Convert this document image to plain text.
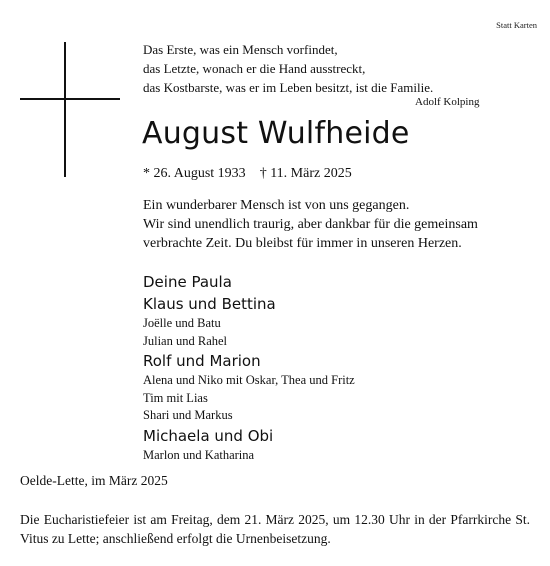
Statt Karten
Das Erste, was ein Mensch vorfindet,
das Letzte, wonach er die Hand ausstreckt,
das Kostbarste, was er im Leben besitzt, ist die Familie.
Adolf Kolping
August Wulfheide
* 26. August 1933 † 11. März 2025
Ein wunderbarer Mensch ist von uns gegangen.
Wir sind unendlich traurig, aber dankbar für die gemeinsam
verbrachte Zeit. Du bleibst für immer in unseren Herzen.
Deine Paula
Klaus und Bettina
Joëlle und Batu
Julian und Rahel
Rolf und Marion
Alena und Niko mit Oskar, Thea und Fritz
Tim mit Lias
Shari und Markus
Michaela und Obi
Marlon und Katharina
Oelde-Lette, im März 2025
Die Eucharistiefeier ist am Freitag, dem 21. März 2025, um 12.30 Uhr in der Pfarrkirche St. Vitus zu Lette; anschließend erfolgt die Urnenbeisetzung.
